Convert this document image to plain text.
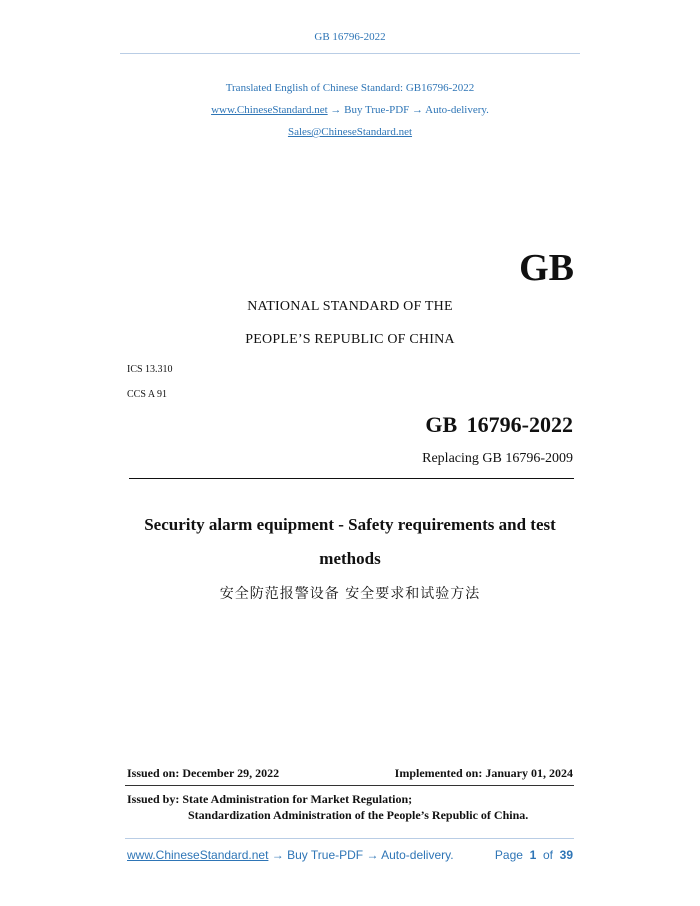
GB 16796-2022
Translated English of Chinese Standard: GB16796-2022
www.ChineseStandard.net → Buy True-PDF → Auto-delivery.
Sales@ChineseStandard.net
GB
NATIONAL STANDARD OF THE
PEOPLE’S REPUBLIC OF CHINA
ICS 13.310
CCS A 91
GB 16796-2022
Replacing GB 16796-2009
Security alarm equipment - Safety requirements and test
methods
安全防范报警设备 安全要求和试验方法
Issued on: December 29, 2022	Implemented on: January 01, 2024
Issued by: State Administration for Market Regulation;
Standardization Administration of the People’s Republic of China.
www.ChineseStandard.net → Buy True-PDF → Auto-delivery.	Page 1 of 39
